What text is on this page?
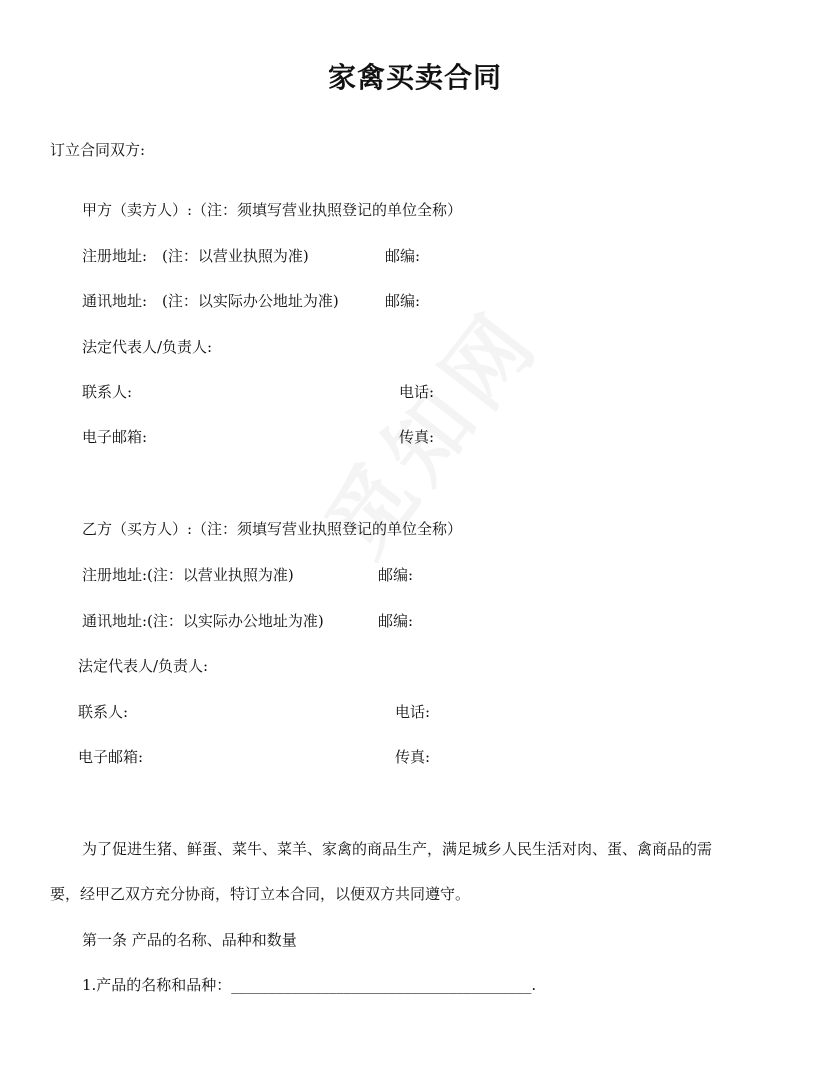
家禽买卖合同
订立合同双方:
甲方（卖方人）:（注：须填写营业执照登记的单位全称）
注册地址:　(注：以营业执照为准)	邮编:
通讯地址:　(注：以实际办公地址为准)	邮编:
法定代表人/负责人:
联系人:	电话:
电子邮箱:	传真:
乙方（买方人）:（注：须填写营业执照登记的单位全称）
注册地址:(注：以营业执照为准)	邮编:
通讯地址:(注：以实际办公地址为准)	邮编:
法定代表人/负责人:
联系人:	电话:
电子邮箱:	传真:
为了促进生猪、鲜蛋、菜牛、菜羊、家禽的商品生产，满足城乡人民生活对肉、蛋、禽商品的需
要，经甲乙双方充分协商，特订立本合同，以便双方共同遵守。
第一条 产品的名称、品种和数量
1.产品的名称和品种：________________________________________.
